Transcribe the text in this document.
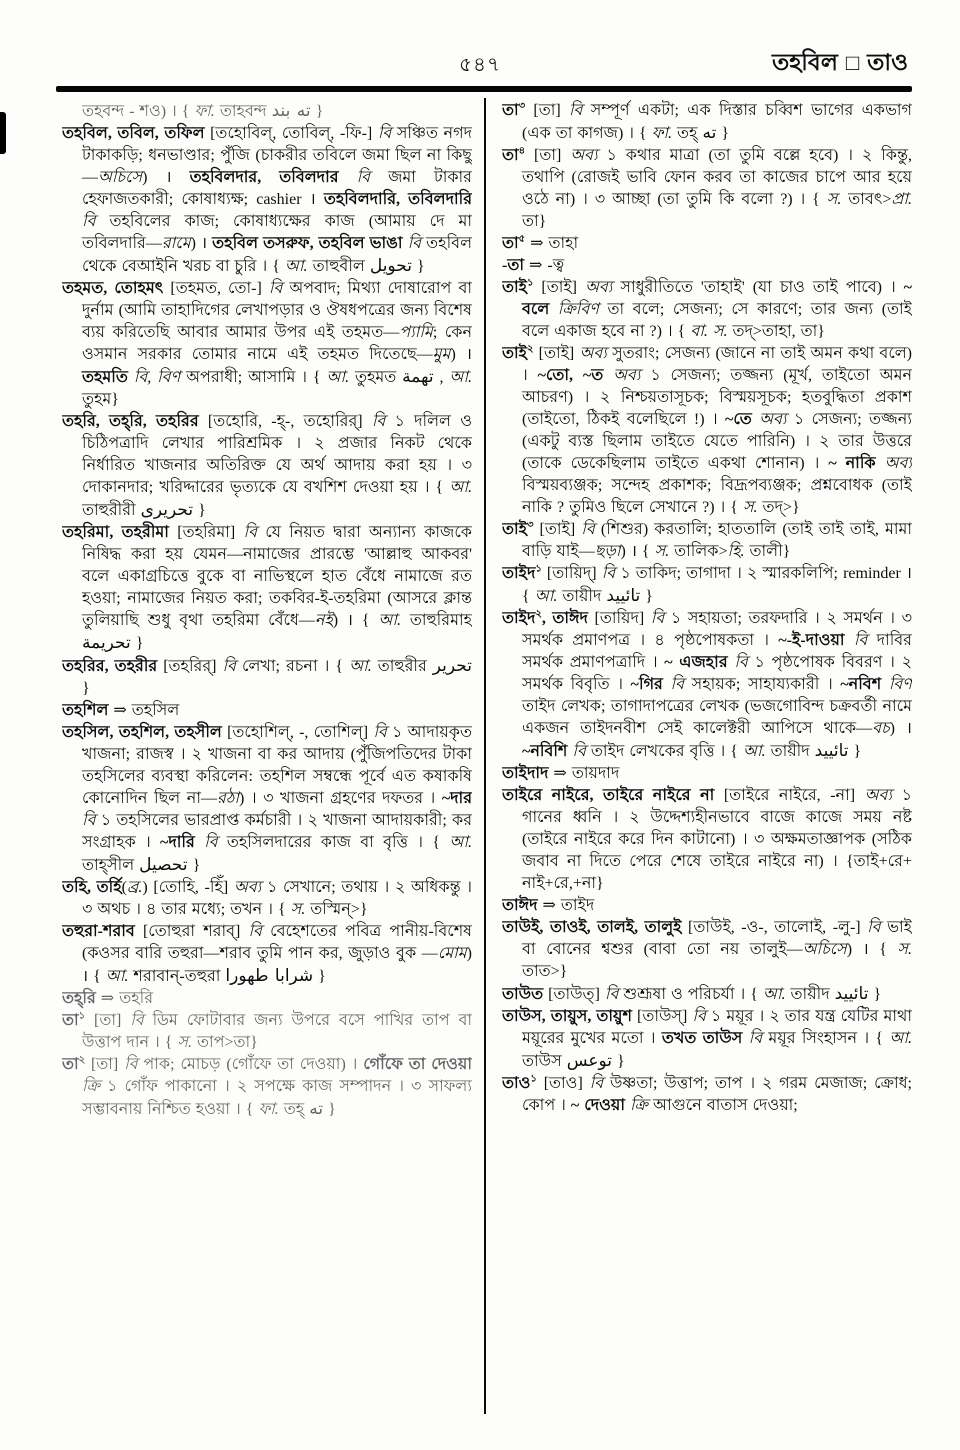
৫৪৭	তহবিল □ তাও

তহবন্দ - শও) । { ফা. তাহবন্দ ته بند }

তহবিল, তবিল, তফিল [তহোবিল্, তোবিল্, -ফি-] বি সঞ্চিত নগদ টাকাকড়ি; ধনভাণ্ডার; পুঁজি (চাকরীর তবিলে জমা ছিল না কিছু—অচিসে) । তহবিলদার, তবিলদার বি জমা টাকার হেফাজতকারী; কোষাধ্যক্ষ; cashier । তহবিলদারি, তবিলদারি বি তহবিলের কাজ; কোষাধ্যক্ষের কাজ (আমায় দে মা তবিলদারি—রামে) । তহবিল তসরুফ, তহবিল ভাঙা বি তহবিল থেকে বেআইনি খরচ বা চুরি । { আ. তাহুবীল تحويل }

তহমত, তোহমৎ [তহমত, তো-] বি অপবাদ; মিথ্যা দোষারোপ বা দুর্নাম (আমি তাহাদিগের লেখাপড়ার ও ঔষধপত্রের জন্য বিশেষ ব্যয় করিতেছি আবার আমার উপর এই তহমত—প্যামি; কেন ওসমান সরকার তোমার নামে এই তহমত দিতেছে—মুম) । তহমতি বি, বিণ অপরাধী; আসামি । { আ. তুহমত تهمة , আ. তুহম}

তহরি, তহ্‌রি, তহরির [তহোরি, -হ্-, তহোরির্] বি ১ দলিল ও চিঠিপত্রাদি লেখার পারিশ্রমিক । ২ প্রজার নিকট থেকে নির্ধারিত খাজনার অতিরিক্ত যে অর্থ আদায় করা হয় । ৩ দোকানদার; খরিদ্দারের ভৃত্যকে যে বখশিশ দেওয়া হয় । { আ. তাহুরীরী تحريرى }

তহরিমা, তহরীমা [তহরিমা] বি যে নিয়ত দ্বারা অন্যান্য কাজকে নিষিদ্ধ করা হয় যেমন—নামাজের প্রারম্ভে 'আল্লাহু আকবর' বলে একাগ্রচিত্তে বুকে বা নাভিস্থলে হাত বেঁধে নামাজে রত হওয়া; নামাজের নিয়ত করা; তকবির-ই-তহরিমা (আসরে ক্লান্ত তুলিয়াছি শুধু বৃথা তহরিমা বেঁধে—নই) । { আ. তাহুরিমাহ تحريمة }

তহরির, তহরীর [তহরির্] বি লেখা; রচনা । { আ. তাহুরীর تحرير }

তহশিল ⇒ তহসিল

তহসিল, তহশিল, তহসীল [তহোশিল্, -, তোশিল্] বি ১ আদায়কৃত খাজনা; রাজস্ব । ২ খাজনা বা কর আদায় (পুঁজিপতিদের টাকা তহসিলের ব্যবস্থা করিলেন: তহশিল সম্বন্ধে পূর্বে এত কষাকষি কোনোদিন ছিল না—রঠা) । ৩ খাজনা গ্রহণের দফতর । ~দার বি ১ তহসিলের ভারপ্রাপ্ত কর্মচারী । ২ খাজনা আদায়কারী; কর সংগ্রাহক । ~দারি বি তহসিলদারের কাজ বা বৃত্তি । { আ. তাহ্‌সীল تحصيل }

তহি, তর্হি(ব্র.) [তোহি, -হিঁ] অব্য ১ সেখানে; তথায় । ২ অধিকন্তু । ৩ অথচ । ৪ তার মধ্যে; তখন । { স. তস্মিন্>}

তহুরা-শরাব [তোহুরা শরাব্] বি বেহেশতের পবিত্র পানীয়-বিশেষ (কওসর বারি তহুরা—শরাব তুমি পান কর, জুড়াও বুক —মোম) । { আ. শরাবান্-তহুরা شرابا طهورا }

তহ্‌রি ⇒ তহরি

তা$^১$ [তা] বি ডিম ফোটাবার জন্য উপরে বসে পাখির তাপ বা উত্তাপ দান । { স. তাপ>তা}

তা$^২$ [তা] বি পাক; মোচড় (গোঁফে তা দেওয়া) । গোঁফে তা দেওয়া ক্রি ১ গোঁফ পাকানো । ২ সপক্ষে কাজ সম্পাদন । ৩ সাফল্য সম্ভাবনায় নিশ্চিত হওয়া । { ফা. তহ্ ته }

তা$^৩$ [তা] বি সম্পূর্ণ একটা; এক দিস্তার চব্বিশ ভাগের একভাগ (এক তা কাগজ) । { ফা. তহ্ ته }

তা$^৪$ [তা] অব্য ১ কথার মাত্রা (তা তুমি বল্লে হবে) । ২ কিন্তু, তথাপি (রোজই ভাবি ফোন করব তা কাজের চাপে আর হয়ে ওঠে না) । ৩ আচ্ছা (তা তুমি কি বলো ?) । { স. তাবৎ>প্রা. তা}

তা$^৫$ ⇒ তাহা

-তা ⇒ -ত্ব

তাই$^১$ [তাই] অব্য সাধুরীতিতে 'তাহাই' (যা চাও তাই পাবে) । ~ বলে ক্রিবিণ তা বলে; সেজন্য; সে কারণে; তার জন্য (তাই বলে একাজ হবে না ?) । { বা. স. তদ্>তাহা, তা}

তাই$^২$ [তাই] অব্য সুতরাং; সেজন্য (জানে না তাই অমন কথা বলে) । ~তো, ~ত অব্য ১ সেজন্য; তজ্জন্য (মূর্খ, তাইতো অমন আচরণ) । ২ নিশ্চয়তাসূচক; বিস্ময়সূচক; হতবুদ্ধিতা প্রকাশ (তাইতো, ঠিকই বলেছিলে !) । ~তে অব্য ১ সেজন্য; তজ্জন্য (একটু ব্যস্ত ছিলাম তাইতে যেতে পারিনি) । ২ তার উত্তরে (তাকে ডেকেছিলাম তাইতে একথা শোনান) । ~ নাকি অব্য বিস্ময়ব্যঞ্জক; সন্দেহ প্রকাশক; বিদ্রূপব্যঞ্জক; প্রশ্নবোধক (তাই নাকি ? তুমিও ছিলে সেখানে ?) । { স. তদ্>}

তাই$^৩$ [তাই] বি (শিশুর) করতালি; হাততালি (তাই তাই তাই, মামা বাড়ি যাই—ছড়া) । { স. তালিক>হি. তালী}

তাইদ$^১$ [তায়িদ্] বি ১ তাকিদ; তাগাদা । ২ স্মারকলিপি; reminder । { আ. তায়ীদ تائييد }

তাইদ$^২$, তাঈদ [তায়িদ] বি ১ সহায়তা; তরফদারি । ২ সমর্থন । ৩ সমর্থক প্রমাণপত্র । ৪ পৃষ্ঠপোষকতা । ~-ই-দাওয়া বি দাবির সমর্থক প্রমাণপত্রাদি । ~ এজহার বি ১ পৃষ্ঠপোষক বিবরণ । ২ সমর্থক বিবৃতি । ~গির বি সহায়ক; সাহায্যকারী । ~নবিশ বিণ তাইদ লেখক; তাগাদাপত্রের লেখক (ভজগোবিন্দ চক্রবর্তী নামে একজন তাইদনবীশ সেই কালেক্টরী আপিসে থাকে—বচ) । ~নবিশি বি তাইদ লেখকের বৃত্তি । { আ. তায়ীদ تائييد }

তাইদাদ ⇒ তায়দাদ

তাইরে নাইরে, তাইরে নাইরে না [তাইরে নাইরে, -না] অব্য ১ গানের ধ্বনি । ২ উদ্দেশ্যহীনভাবে বাজে কাজে সময় নষ্ট (তাইরে নাইরে করে দিন কাটানো) । ৩ অক্ষমতাজ্ঞাপক (সঠিক জবাব না দিতে পেরে শেষে তাইরে নাইরে না) । {তাই+রে+ নাই+রে,+না}

তাঈদ ⇒ তাইদ

তাউই, তাওই, তালই, তালুই [তাউই, -ও-, তালোই, -লু-] বি ভাই বা বোনের শ্বশুর (বাবা তো নয় তালুই—অচিসে) । { স. তাত>}

তাউত [তাউত্] বি শুশ্রূষা ও পরিচর্যা । { আ. তায়ীদ تائييد }

তাউস, তায়ুস, তায়ুশ [তাউস্] বি ১ ময়ূর । ২ তার যন্ত্র যেটির মাথা ময়ূরের মুখের মতো । তখত তাউস বি ময়ূর সিংহাসন । { আ. তাউস توعس }

তাও$^১$ [তাও] বি উষ্ণতা; উত্তাপ; তাপ । ২ গরম মেজাজ; ক্রোধ; কোপ । ~ দেওয়া ক্রি আগুনে বাতাস দেওয়া;
